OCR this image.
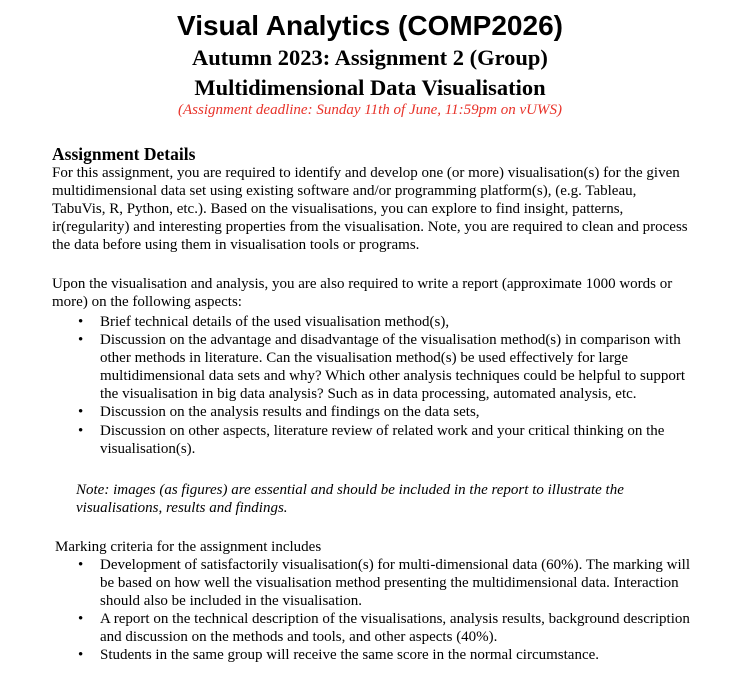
Visual Analytics (COMP2026)
Autumn 2023: Assignment 2 (Group)
Multidimensional Data Visualisation
(Assignment deadline: Sunday 11th of June, 11:59pm on vUWS)
Assignment Details
For this assignment, you are required to identify and develop one (or more) visualisation(s) for the given multidimensional data set using existing software and/or programming platform(s), (e.g. Tableau, TabuVis, R, Python, etc.). Based on the visualisations, you can explore to find insight, patterns, ir(regularity) and interesting properties from the visualisation. Note, you are required to clean and process the data before using them in visualisation tools or programs.
Upon the visualisation and analysis, you are also required to write a report (approximate 1000 words or more) on the following aspects:
• Brief technical details of the used visualisation method(s),
• Discussion on the advantage and disadvantage of the visualisation method(s) in comparison with other methods in literature. Can the visualisation method(s) be used effectively for large multidimensional data sets and why? Which other analysis techniques could be helpful to support the visualisation in big data analysis? Such as in data processing, automated analysis, etc.
• Discussion on the analysis results and findings on the data sets,
• Discussion on other aspects, literature review of related work and your critical thinking on the visualisation(s).
Note: images (as figures) are essential and should be included in the report to illustrate the visualisations, results and findings.
Marking criteria for the assignment includes
• Development of satisfactorily visualisation(s) for multi-dimensional data (60%). The marking will be based on how well the visualisation method presenting the multidimensional data. Interaction should also be included in the visualisation.
• A report on the technical description of the visualisations, analysis results, background description and discussion on the methods and tools, and other aspects (40%).
• Students in the same group will receive the same score in the normal circumstance.
